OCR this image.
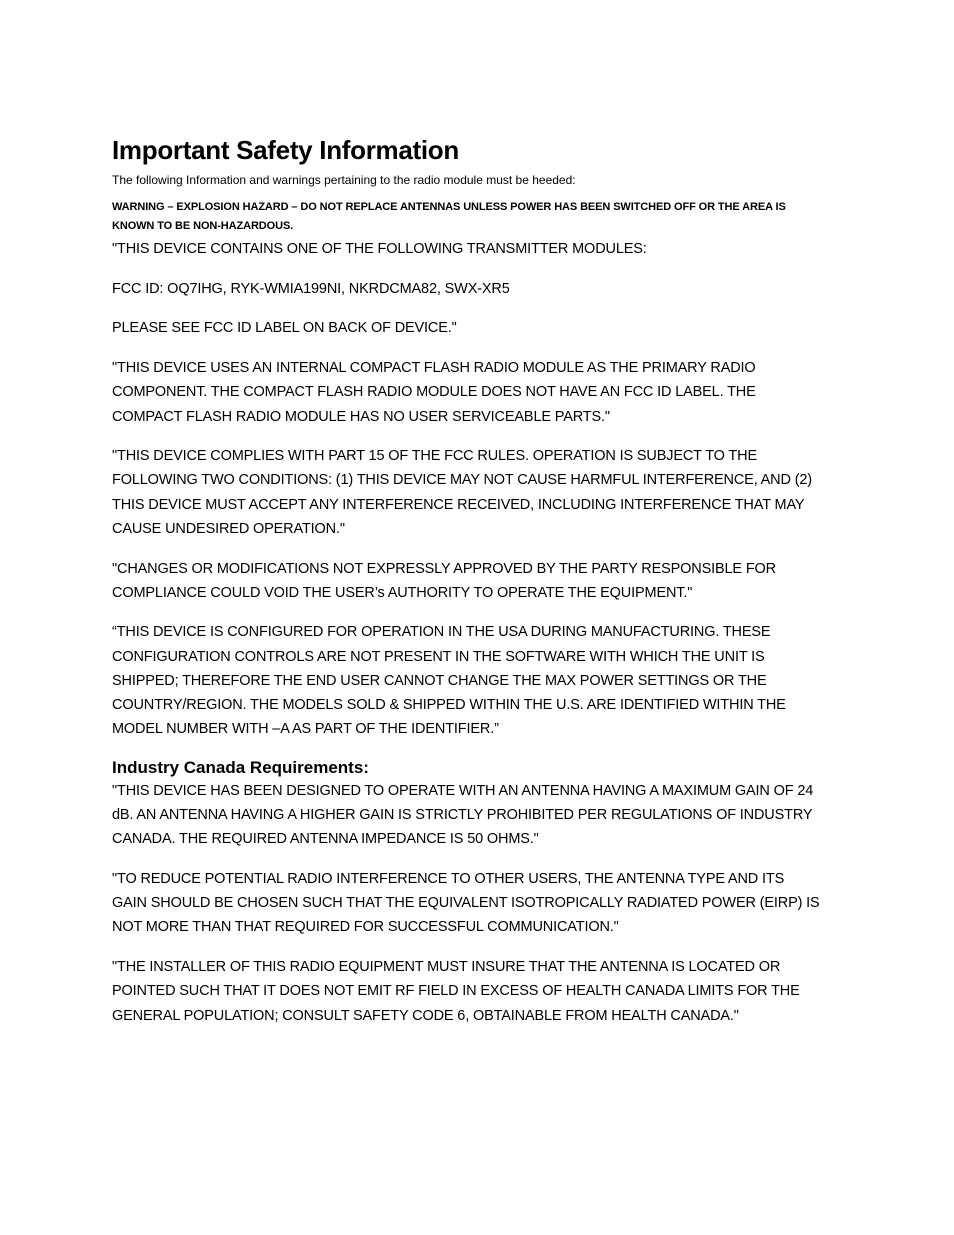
Important Safety Information

The following Information and warnings pertaining to the radio module must be heeded:

WARNING – EXPLOSION HAZARD – DO NOT REPLACE ANTENNAS UNLESS POWER HAS BEEN SWITCHED OFF OR THE AREA IS KNOWN TO BE NON-HAZARDOUS.

"THIS DEVICE CONTAINS ONE OF THE FOLLOWING TRANSMITTER MODULES:

FCC ID: OQ7IHG, RYK-WMIA199NI, NKRDCMA82, SWX-XR5

PLEASE SEE FCC ID LABEL ON BACK OF DEVICE."

"THIS DEVICE USES AN INTERNAL COMPACT FLASH RADIO MODULE AS THE PRIMARY RADIO COMPONENT. THE COMPACT FLASH RADIO MODULE DOES NOT HAVE AN FCC ID LABEL. THE COMPACT FLASH RADIO MODULE HAS NO USER SERVICEABLE PARTS."

"THIS DEVICE COMPLIES WITH PART 15 OF THE FCC RULES. OPERATION IS SUBJECT TO THE FOLLOWING TWO CONDITIONS: (1) THIS DEVICE MAY NOT CAUSE HARMFUL INTERFERENCE, AND (2) THIS DEVICE MUST ACCEPT ANY INTERFERENCE RECEIVED, INCLUDING INTERFERENCE THAT MAY CAUSE UNDESIRED OPERATION."

"CHANGES OR MODIFICATIONS NOT EXPRESSLY APPROVED BY THE PARTY RESPONSIBLE FOR COMPLIANCE COULD VOID THE USER’s AUTHORITY TO OPERATE THE EQUIPMENT."

“THIS DEVICE IS CONFIGURED FOR OPERATION IN THE USA DURING MANUFACTURING. THESE CONFIGURATION CONTROLS ARE NOT PRESENT IN THE SOFTWARE WITH WHICH THE UNIT IS SHIPPED; THEREFORE THE END USER CANNOT CHANGE THE MAX POWER SETTINGS OR THE COUNTRY/REGION. THE MODELS SOLD & SHIPPED WITHIN THE U.S. ARE IDENTIFIED WITHIN THE MODEL NUMBER WITH –A AS PART OF THE IDENTIFIER.”

Industry Canada Requirements:

"THIS DEVICE HAS BEEN DESIGNED TO OPERATE WITH AN ANTENNA HAVING A MAXIMUM GAIN OF 24 dB. AN ANTENNA HAVING A HIGHER GAIN IS STRICTLY PROHIBITED PER REGULATIONS OF INDUSTRY CANADA. THE REQUIRED ANTENNA IMPEDANCE IS 50 OHMS."

"TO REDUCE POTENTIAL RADIO INTERFERENCE TO OTHER USERS, THE ANTENNA TYPE AND ITS GAIN SHOULD BE CHOSEN SUCH THAT THE EQUIVALENT ISOTROPICALLY RADIATED POWER (EIRP) IS NOT MORE THAN THAT REQUIRED FOR SUCCESSFUL COMMUNICATION."

"THE INSTALLER OF THIS RADIO EQUIPMENT MUST INSURE THAT THE ANTENNA IS LOCATED OR POINTED SUCH THAT IT DOES NOT EMIT RF FIELD IN EXCESS OF HEALTH CANADA LIMITS FOR THE GENERAL POPULATION; CONSULT SAFETY CODE 6, OBTAINABLE FROM HEALTH CANADA."
